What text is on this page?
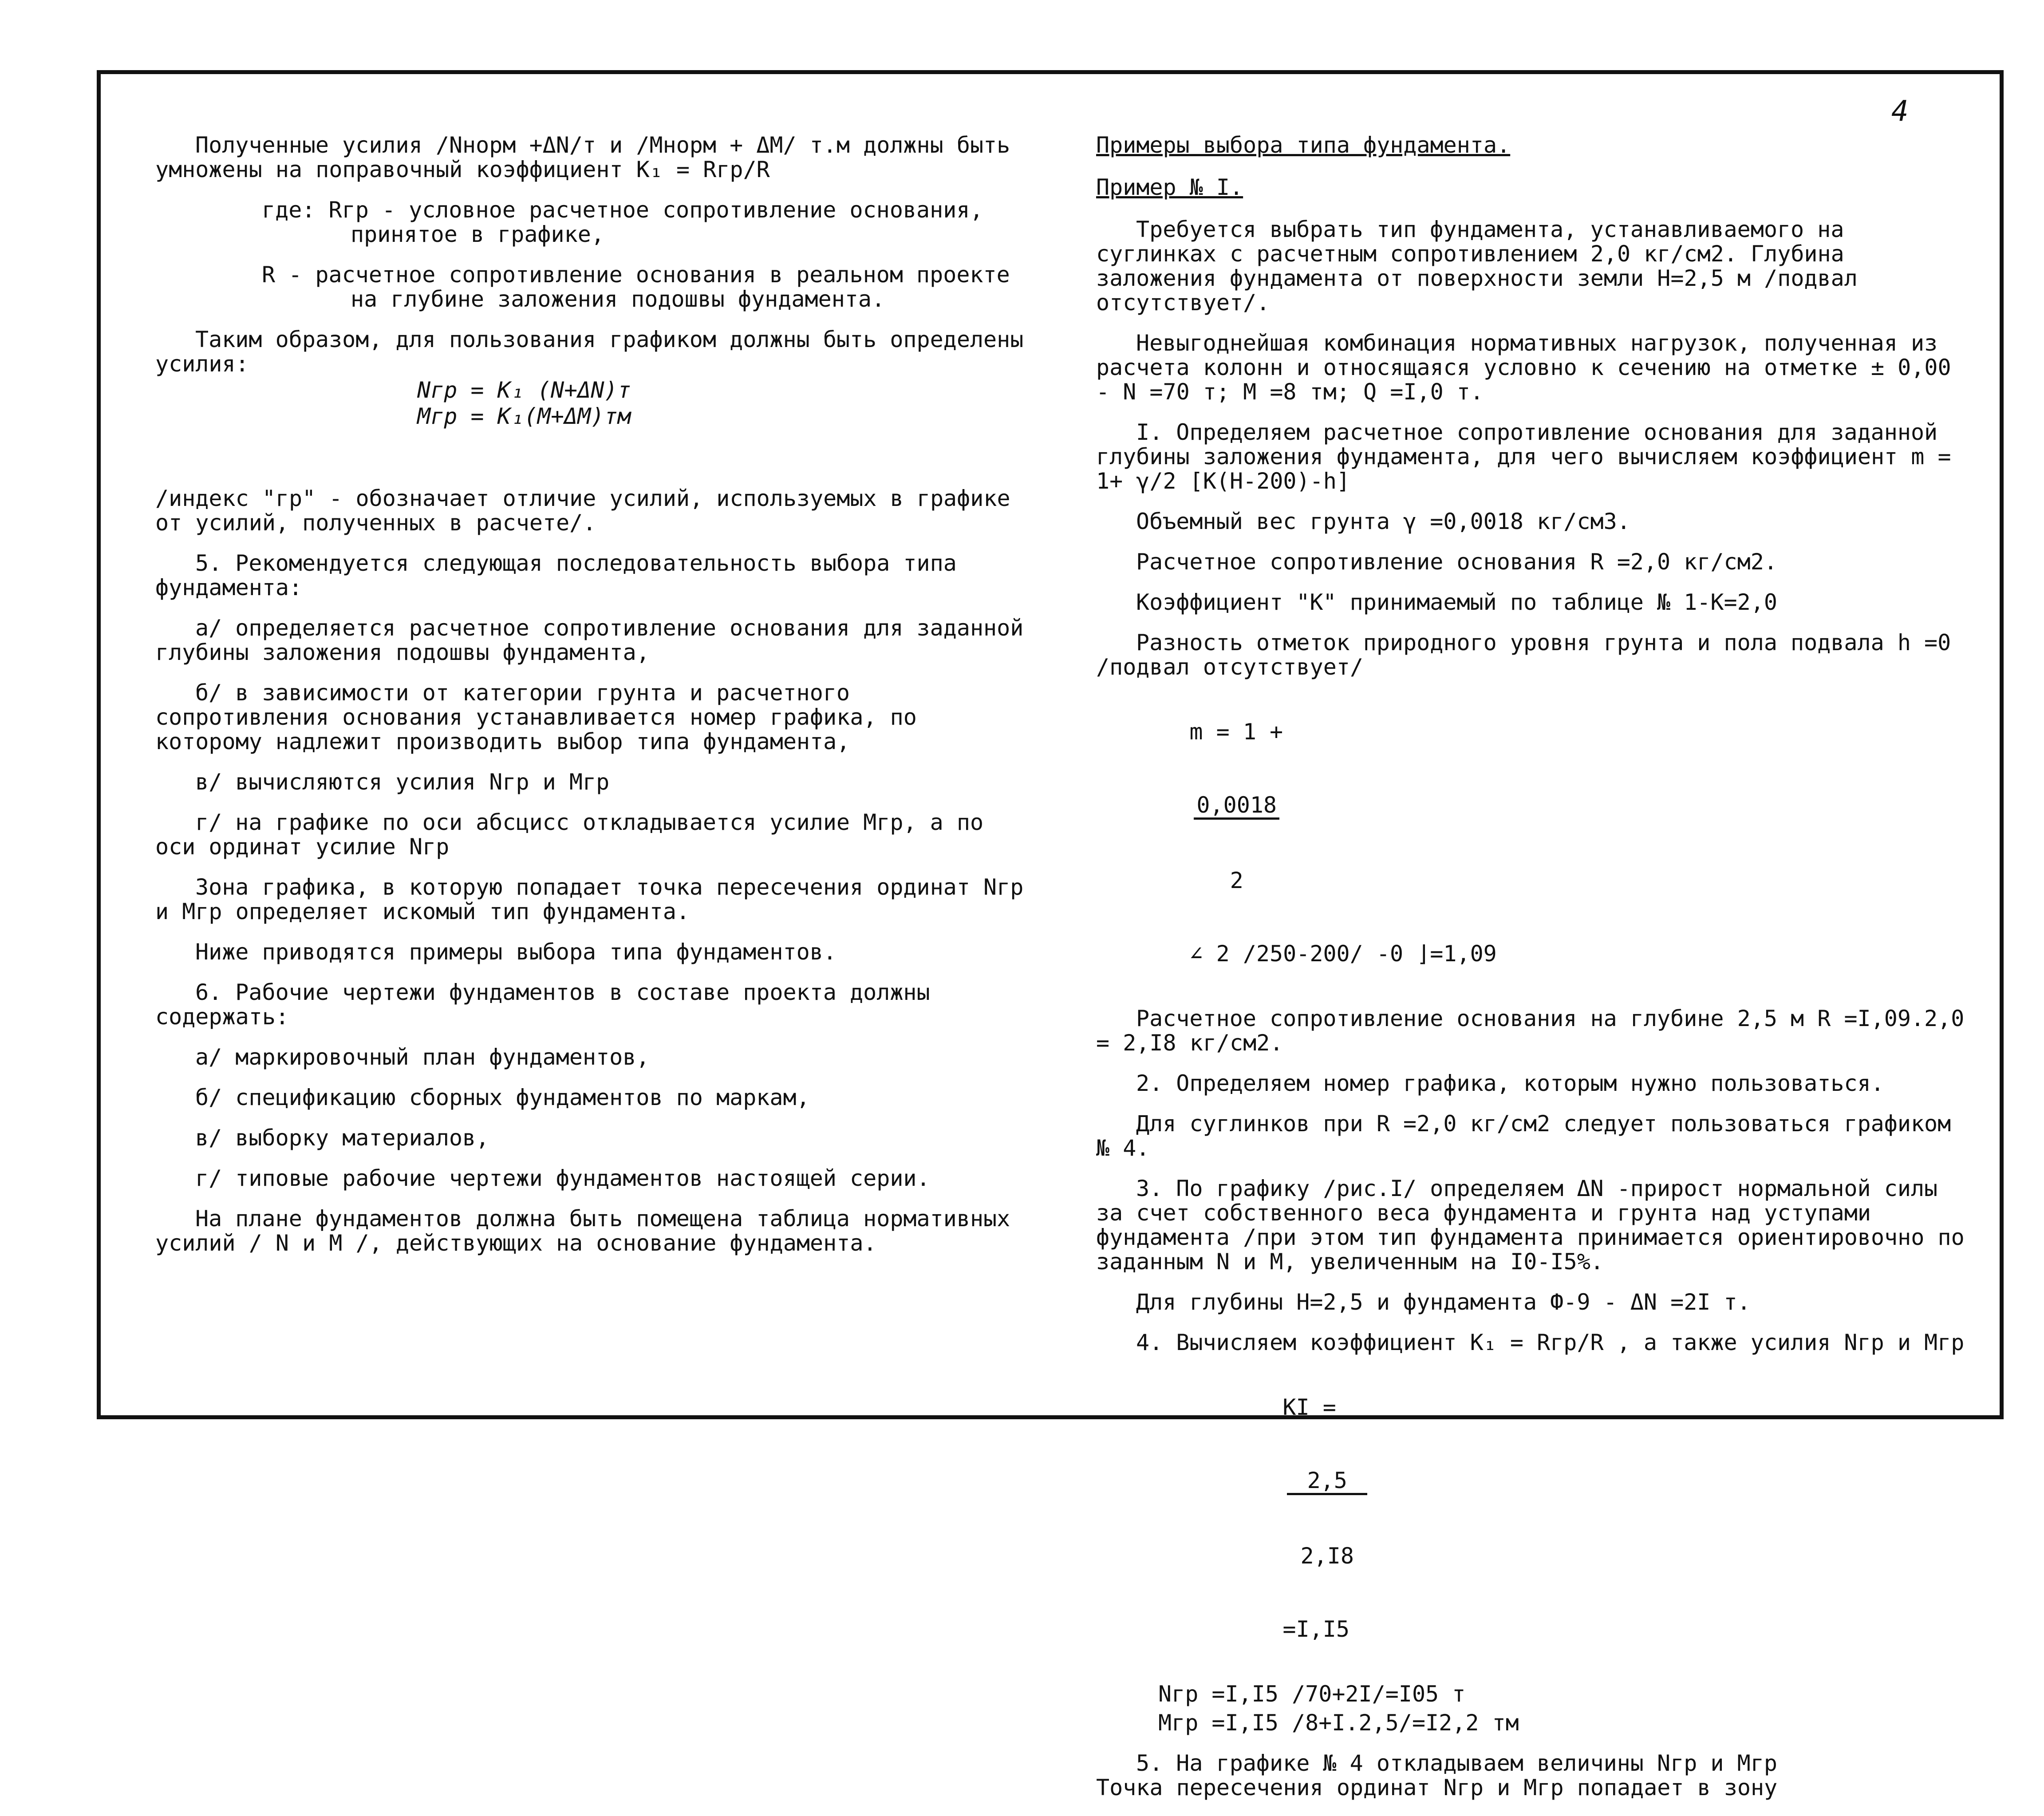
4

Полученные усилия /Nнорм +ΔN/т и /Мнорм + ΔМ/ т.м должны быть умножены на поправочный коэффициент K₁ = Rгр/R

где: Rгр - условное расчетное сопротивление основания, принятое в графике,

R - расчетное сопротивление основания в реальном проекте на глубине заложения подошвы фундамента.

Таким образом, для пользования графиком должны быть определены усилия:

Nгр = K₁ (N+ΔN)т

Mгр = K₁(M+ΔM)тм

/индекс "гр" - обозначает отличие усилий, используемых в графике от усилий, полученных в расчете/.

5. Рекомендуется следующая последовательность выбора типа фундамента:

а/ определяется расчетное сопротивление основания для заданной глубины заложения подошвы фундамента,

б/ в зависимости от категории грунта и расчетного сопротивления основания устанавливается номер графика, по которому надлежит производить выбор типа фундамента,

в/ вычисляются усилия Nгр и Mгр

г/ на графике по оси абсцисс откладывается усилие Mгр, а по оси ординат усилие Nгр

Зона графика, в которую попадает точка пересечения ординат Nгр и Mгр определяет искомый тип фундамента.

Ниже приводятся примеры выбора типа фундаментов.

6. Рабочие чертежи фундаментов в составе проекта должны содержать:

а/ маркировочный план фундаментов,

б/ спецификацию сборных фундаментов по маркам,

в/ выборку материалов,

г/ типовые рабочие чертежи фундаментов настоящей серии.

На плане фундаментов должна быть помещена таблица нормативных усилий / N и M /, действующих на основание фундамента.

Примеры выбора типа фундамента.

Пример № I.

Требуется выбрать тип фундамента, устанавливаемого на суглинках с расчетным сопротивлением 2,0 кг/см2. Глубина заложения фундамента от поверхности земли Н=2,5 м /подвал отсутствует/.

Невыгоднейшая комбинация нормативных нагрузок, полученная из расчета колонн и относящаяся условно к сечению на отметке ± 0,00 - N =70 т; M =8 тм; Q =I,0 т.

I. Определяем расчетное сопротивление основания для заданной глубины заложения фундамента, для чего вычисляем коэффициент m = 1+ γ/2 [K(H-200)-h]

Объемный вес грунта γ =0,0018 кг/см3.

Расчетное сопротивление основания R =2,0 кг/см2.

Коэффициент "К" принимаемый по таблице № 1-К=2,0

Разность отметок природного уровня грунта и пола подвала h =0 /подвал отсутствует/

m = 1 +

$\frac{0,0018}{2}$

∠ 2 /250-200/ -0 ⌋=1,09

Расчетное сопротивление основания на глубине 2,5 м R =I,09.2,0 = 2,I8 кг/см2.

2. Определяем номер графика, которым нужно пользоваться.

Для суглинков при R =2,0 кг/см2 следует пользоваться графиком № 4.

3. По графику /рис.I/ определяем ΔN -прирост нормальной силы за счет собственного веса фундамента и грунта над уступами фундамента /при этом тип фундамента принимается ориентировочно по заданным N и M, увеличенным на I0-I5%.

Для глубины Н=2,5 и фундамента Ф-9 - ΔN =2I т.

4. Вычисляем коэффициент K₁ = Rгр/R , а также усилия Nгр и Mгр

KI =

$\frac{2,5}{2,I8}$

=I,I5

Nгр =I,I5 /70+2I/=I05 т

Mгр =I,I5 /8+I.2,5/=I2,2 тм

5. На графике № 4 откладываем величины Nгр и Mгр

Точка пересечения ординат Nгр и Mгр попадает в зону
